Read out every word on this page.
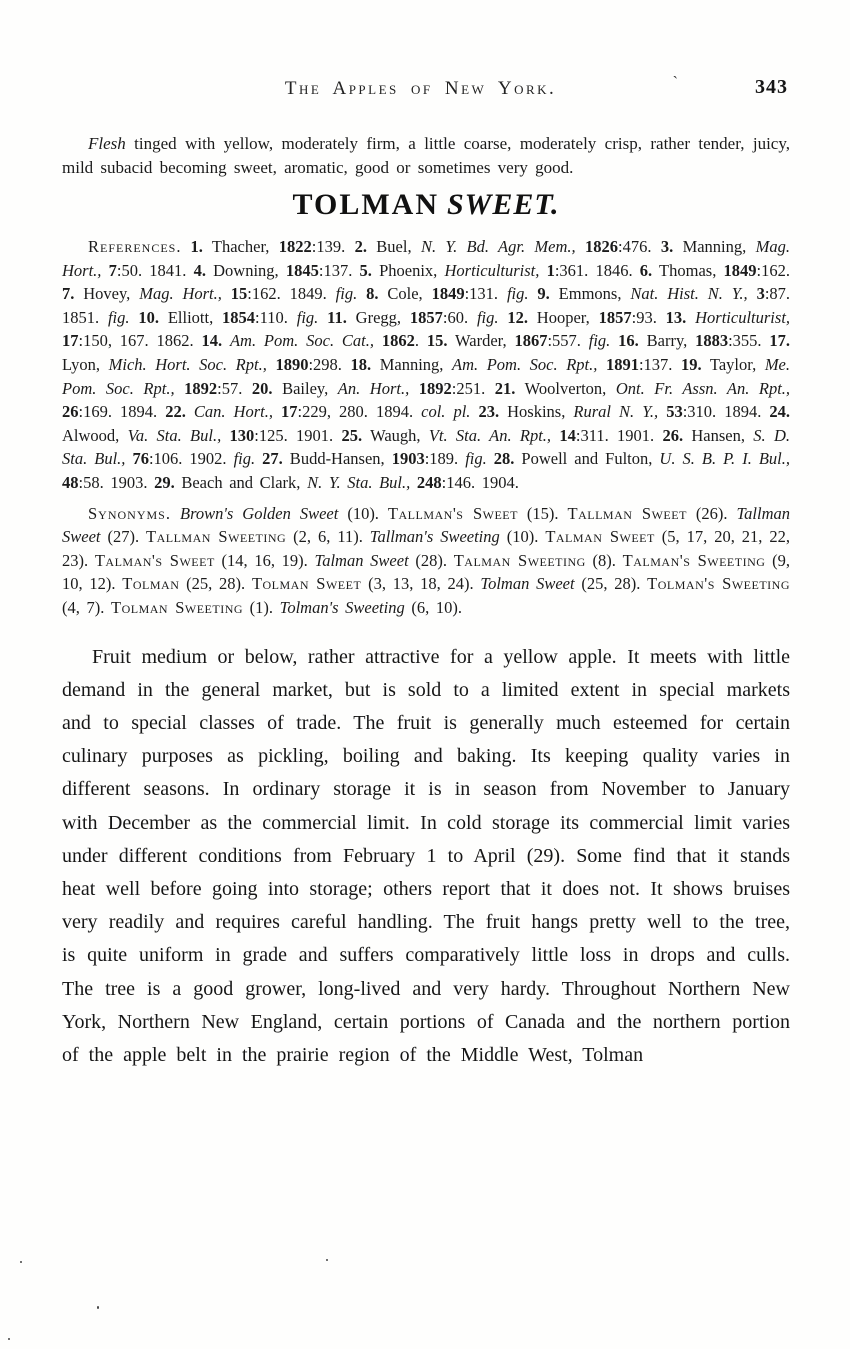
The Apples of New York.	ˋ	343

Flesh tinged with yellow, moderately firm, a little coarse, moderately crisp, rather tender, juicy, mild subacid becoming sweet, aromatic, good or sometimes very good.

TOLMAN SWEET.

References. 1. Thacher, 1822:139. 2. Buel, N. Y. Bd. Agr. Mem., 1826:476. 3. Manning, Mag. Hort., 7:50. 1841. 4. Downing, 1845:137. 5. Phoenix, Horticulturist, 1:361. 1846. 6. Thomas, 1849:162. 7. Hovey, Mag. Hort., 15:162. 1849. fig. 8. Cole, 1849:131. fig. 9. Emmons, Nat. Hist. N. Y., 3:87. 1851. fig. 10. Elliott, 1854:110. fig. 11. Gregg, 1857:60. fig. 12. Hooper, 1857:93. 13. Horticulturist, 17:150, 167. 1862. 14. Am. Pom. Soc. Cat., 1862. 15. Warder, 1867:557. fig. 16. Barry, 1883:355. 17. Lyon, Mich. Hort. Soc. Rpt., 1890:298. 18. Manning, Am. Pom. Soc. Rpt., 1891:137. 19. Taylor, Me. Pom. Soc. Rpt., 1892:57. 20. Bailey, An. Hort., 1892:251. 21. Woolverton, Ont. Fr. Assn. An. Rpt., 26:169. 1894. 22. Can. Hort., 17:229, 280. 1894. col. pl. 23. Hoskins, Rural N. Y., 53:310. 1894. 24. Alwood, Va. Sta. Bul., 130:125. 1901. 25. Waugh, Vt. Sta. An. Rpt., 14:311. 1901. 26. Hansen, S. D. Sta. Bul., 76:106. 1902. fig. 27. Budd-Hansen, 1903:189. fig. 28. Powell and Fulton, U. S. B. P. I. Bul., 48:58. 1903. 29. Beach and Clark, N. Y. Sta. Bul., 248:146. 1904.

Synonyms. Brown's Golden Sweet (10). Tallman's Sweet (15). Tallman Sweet (26). Tallman Sweet (27). Tallman Sweeting (2, 6, 11). Tallman's Sweeting (10). Talman Sweet (5, 17, 20, 21, 22, 23). Talman's Sweet (14, 16, 19). Talman Sweet (28). Talman Sweeting (8). Talman's Sweeting (9, 10, 12). Tolman (25, 28). Tolman Sweet (3, 13, 18, 24). Tolman Sweet (25, 28). Tolman's Sweeting (4, 7). Tolman Sweeting (1). Tolman's Sweeting (6, 10).

Fruit medium or below, rather attractive for a yellow apple. It meets with little demand in the general market, but is sold to a limited extent in special markets and to special classes of trade. The fruit is generally much esteemed for certain culinary purposes as pickling, boiling and baking. Its keeping quality varies in different seasons. In ordinary storage it is in season from November to January with December as the commercial limit. In cold storage its commercial limit varies under different conditions from February 1 to April (29). Some find that it stands heat well before going into storage; others report that it does not. It shows bruises very readily and requires careful handling. The fruit hangs pretty well to the tree, is quite uniform in grade and suffers comparatively little loss in drops and culls. The tree is a good grower, long-lived and very hardy. Throughout Northern New York, Northern New England, certain portions of Canada and the northern portion of the apple belt in the prairie region of the Middle West, Tolman
